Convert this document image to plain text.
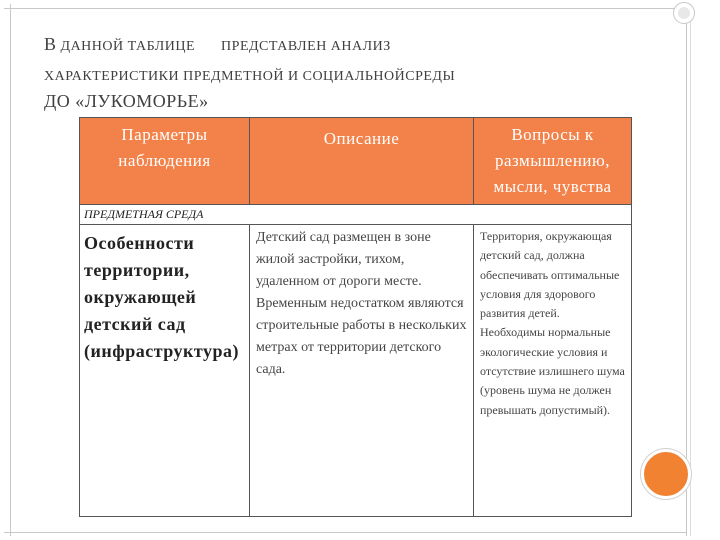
В ДАННОЙ ТАБЛИЦЕ ПРЕДСТАВЛЕН АНАЛИЗ
ХАРАКТЕРИСТИКИ ПРЕДМЕТНОЙ И СОЦИАЛЬНОЙСРЕДЫ
ДО «ЛУКОМОРЬЕ»
Параметры наблюдения	Описание	Вопросы к размышлению, мысли, чувства
ПРЕДМЕТНАЯ СРЕДА		
Особенности территории, окружающей детский сад (инфраструктура)	Детский сад размещен в зоне жилой застройки, тихом, удаленном от дороги месте. Временным недостатком являются строительные работы в нескольких метрах от территории детского сада.	Территория, окружающая детский сад, должна обеспечивать оптимальные условия для здорового развития детей. Необходимы нормальные экологические условия и отсутствие излишнего шума (уровень шума не должен превышать допустимый).
